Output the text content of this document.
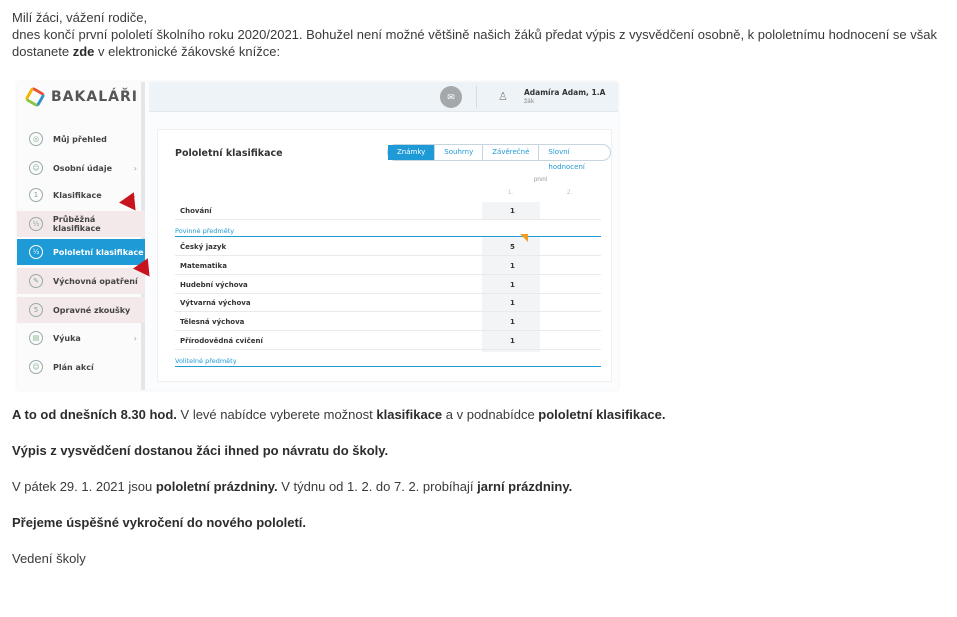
Milí žáci, vážení rodiče,
dnes končí první pololetí školního roku 2020/2021. Bohužel není možné většině našich žáků předat výpis z vysvědčení osobně, k pololetnímu hodnocení se však
dostanete zde v elektronické žákovské knížce:
BAKALÁŘI
◎	Můj přehled
☺	Osobní údaje	›
1	Klasifikace	⌄
½	Průběžná klasifikace
½	Pololetní klasifikace
✎	Výchovná opatření
5	Opravné zkoušky
▤	Výuka	›
☺	Plán akcí
✉	♙ Adamíra Adam, 1.A
žák
Pololetní klasifikace	Známky	Souhrny	Závěrečné	Slovní hodnocení
první
1.	2.
Chování	1
Povinné předměty
Český jazyk	5
Matematika	1
Hudební výchova	1
Výtvarná výchova	1
Tělesná výchova	1
Přírodovědná cvičení	1
Volitelné předměty
A to od dnešních 8.30 hod. V levé nabídce vyberete možnost klasifikace a v podnabídce pololetní klasifikace.
Výpis z vysvědčení dostanou žáci ihned po návratu do školy.
V pátek 29. 1. 2021 jsou pololetní prázdniny. V týdnu od 1. 2. do 7. 2. probíhají jarní prázdniny.
Přejeme úspěšné vykročení do nového pololetí.
Vedení školy
